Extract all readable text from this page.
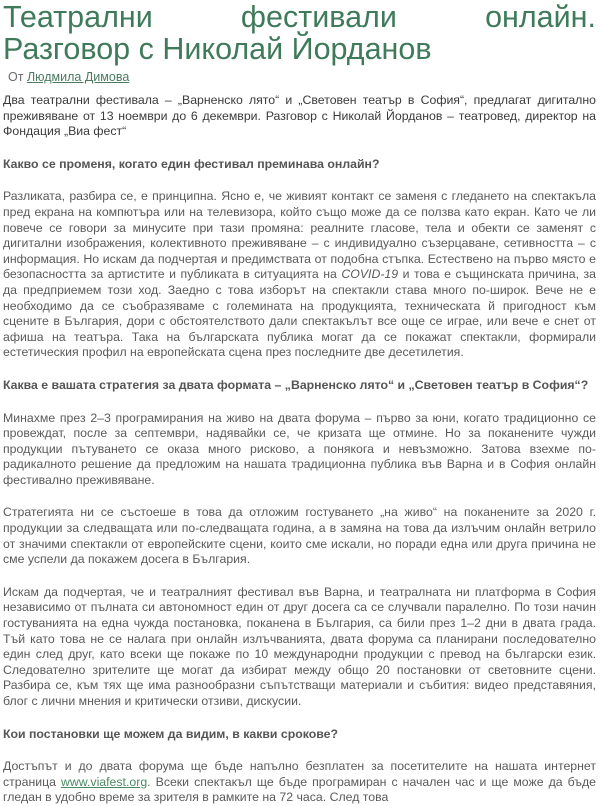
Театрални фестивали онлайн.
Разговор с Николай Йорданов
От Людмила Димова

Два театрални фестивала – „Варненско лято“ и „Световен театър в София“, предлагат дигитално преживяване от 13 ноември до 6 декември. Разговор с Николай Йорданов – театровед, директор на Фондация „Виа фест“

Какво се променя, когато един фестивал преминава онлайн?

Разликата, разбира се, е принципна. Ясно е, че живият контакт се заменя с гледането на спектакъла пред екрана на компютъра или на телевизора, който също може да се ползва като екран. Като че ли повече се говори за минусите при тази промяна: реалните гласове, тела и обекти се заменят с дигитални изображения, колективното преживяване – с индивидуално съзерцаване, сетивността – с информация. Но искам да подчертая и предимствата от подобна стъпка. Естествено на първо място е безопасността за артистите и публиката в ситуацията на COVID-19 и това е същинската причина, за да предприемем този ход. Заедно с това изборът на спектакли става много по-широк. Вече не е необходимо да се съобразяваме с големината на продукцията, техническата й пригодност към сцените в България, дори с обстоятелството дали спектакълът все още се играе, или вече е снет от афиша на театъра. Така на българската публика могат да се покажат спектакли, формирали естетическия профил на европейската сцена през последните две десетилетия.

Каква е вашата стратегия за двата формата – „Варненско лято“ и „Световен театър в София“?

Минахме през 2–3 програмирания на живо на двата форума – първо за юни, когато традиционно се провеждат, после за септември, надявайки се, че кризата ще отмине. Но за поканените чужди продукции пътуването се оказа много рисково, а понякога и невъзможно. Затова взехме по-радикалното решение да предложим на нашата традиционна публика във Варна и в София онлайн фестивално преживяване.

Стратегията ни се състоеше в това да отложим гостуването „на живо“ на поканените за 2020 г. продукции за следващата или по-следващата година, а в замяна на това да излъчим онлайн ветрило от значими спектакли от европейските сцени, които сме искали, но поради една или друга причина не сме успели да покажем досега в България.

Искам да подчертая, че и театралният фестивал във Варна, и театралната ни платформа в София независимо от пълната си автономност един от друг досега са се случвали паралелно. По този начин гостуванията на една чужда постановка, поканена в България, са били през 1–2 дни в двата града. Тъй като това не се налага при онлайн излъчванията, двата форума са планирани последователно един след друг, като всеки ще покаже по 10 международни продукции с превод на български език. Следователно зрителите ще могат да избират между общо 20 постановки от световните сцени. Разбира се, към тях ще има разнообразни съпътстващи материали и събития: видео представяния, блог с лични мнения и критически отзиви, дискусии.

Кои постановки ще можем да видим, в какви срокове?

Достъпът и до двата форума ще бъде напълно безплатен за посетителите на нашата интернет страница www.viafest.org. Всеки спектакъл ще бъде програмиран с начален час и ще може да бъде гледан в удобно време за зрителя в рамките на 72 часа. След това
